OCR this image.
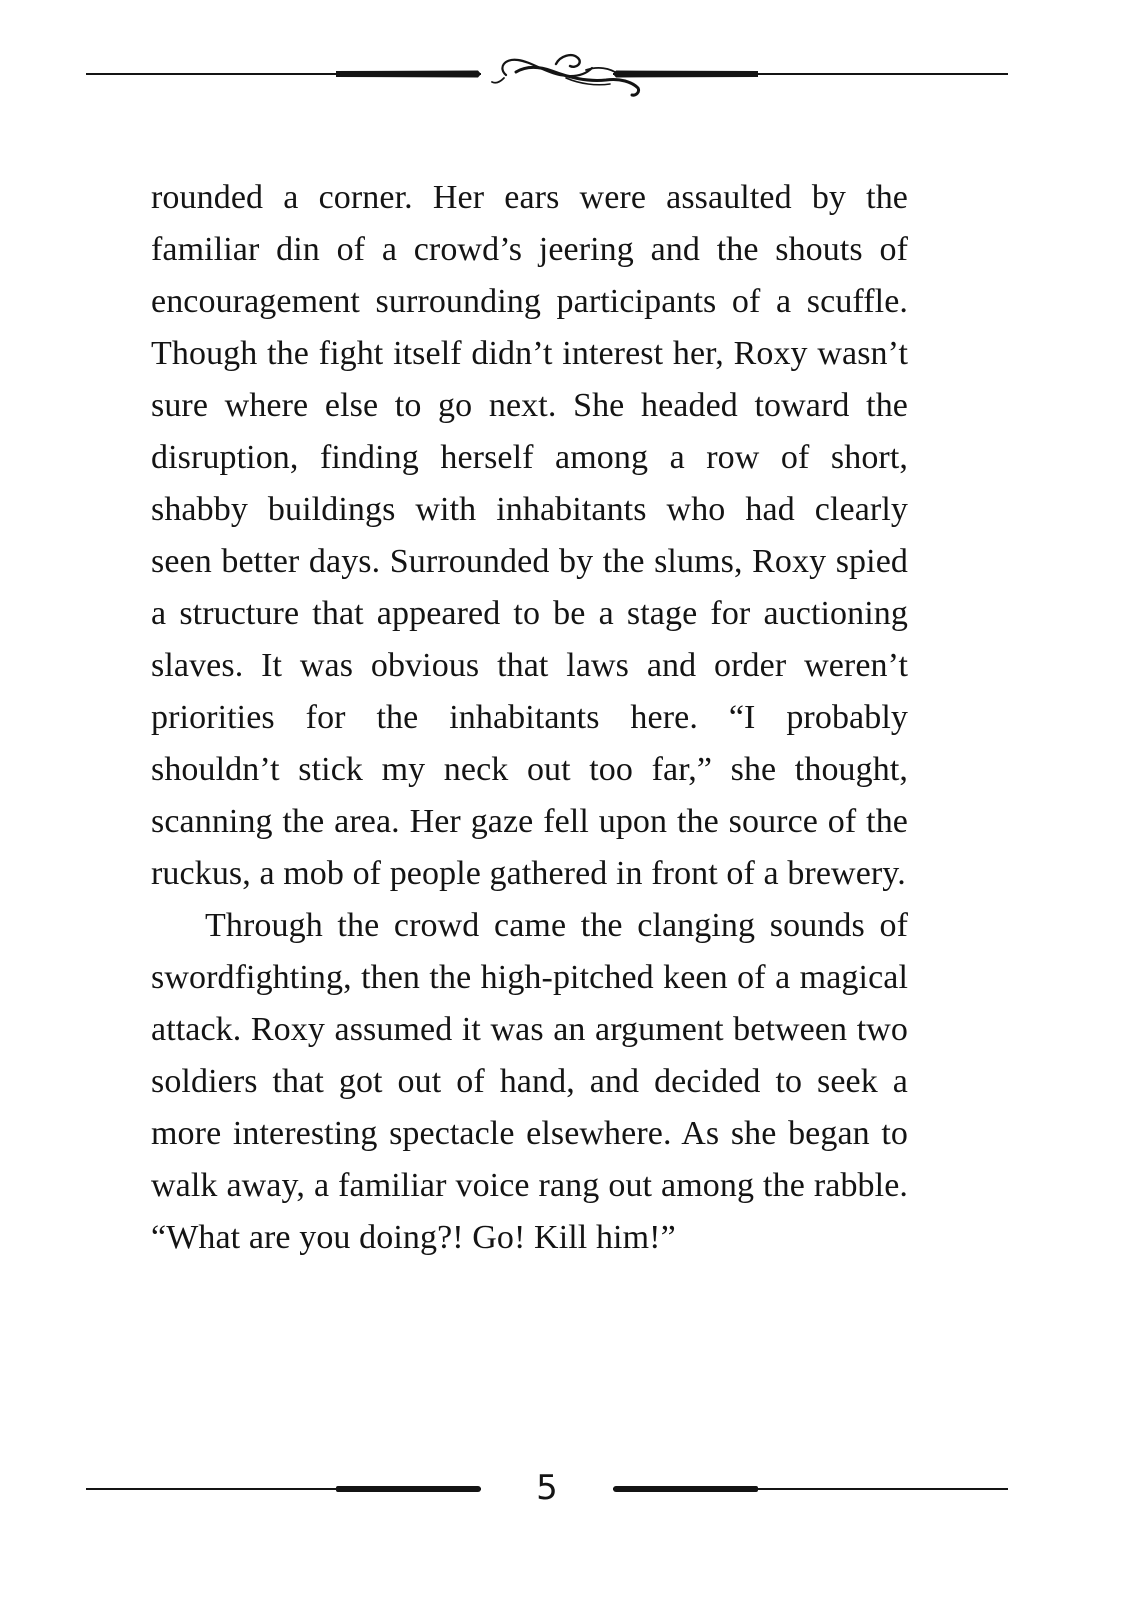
rounded a corner. Her ears were assaulted by the familiar din of a crowd’s jeering and the shouts of encouragement surrounding participants of a scuffle. Though the fight itself didn’t interest her, Roxy wasn’t sure where else to go next. She headed toward the disruption, finding herself among a row of short, shabby buildings with inhabitants who had clearly seen better days. Surrounded by the slums, Roxy spied a structure that appeared to be a stage for auctioning slaves. It was obvious that laws and order weren’t priorities for the inhabitants here. “I probably shouldn’t stick my neck out too far,” she thought, scanning the area. Her gaze fell upon the source of the ruckus, a mob of people gathered in front of a brewery.

Through the crowd came the clanging sounds of swordfighting, then the high-pitched keen of a magical attack. Roxy assumed it was an argument between two soldiers that got out of hand, and decided to seek a more interesting spectacle elsewhere. As she began to walk away, a familiar voice rang out among the rabble. “What are you doing?! Go! Kill him!”

5
